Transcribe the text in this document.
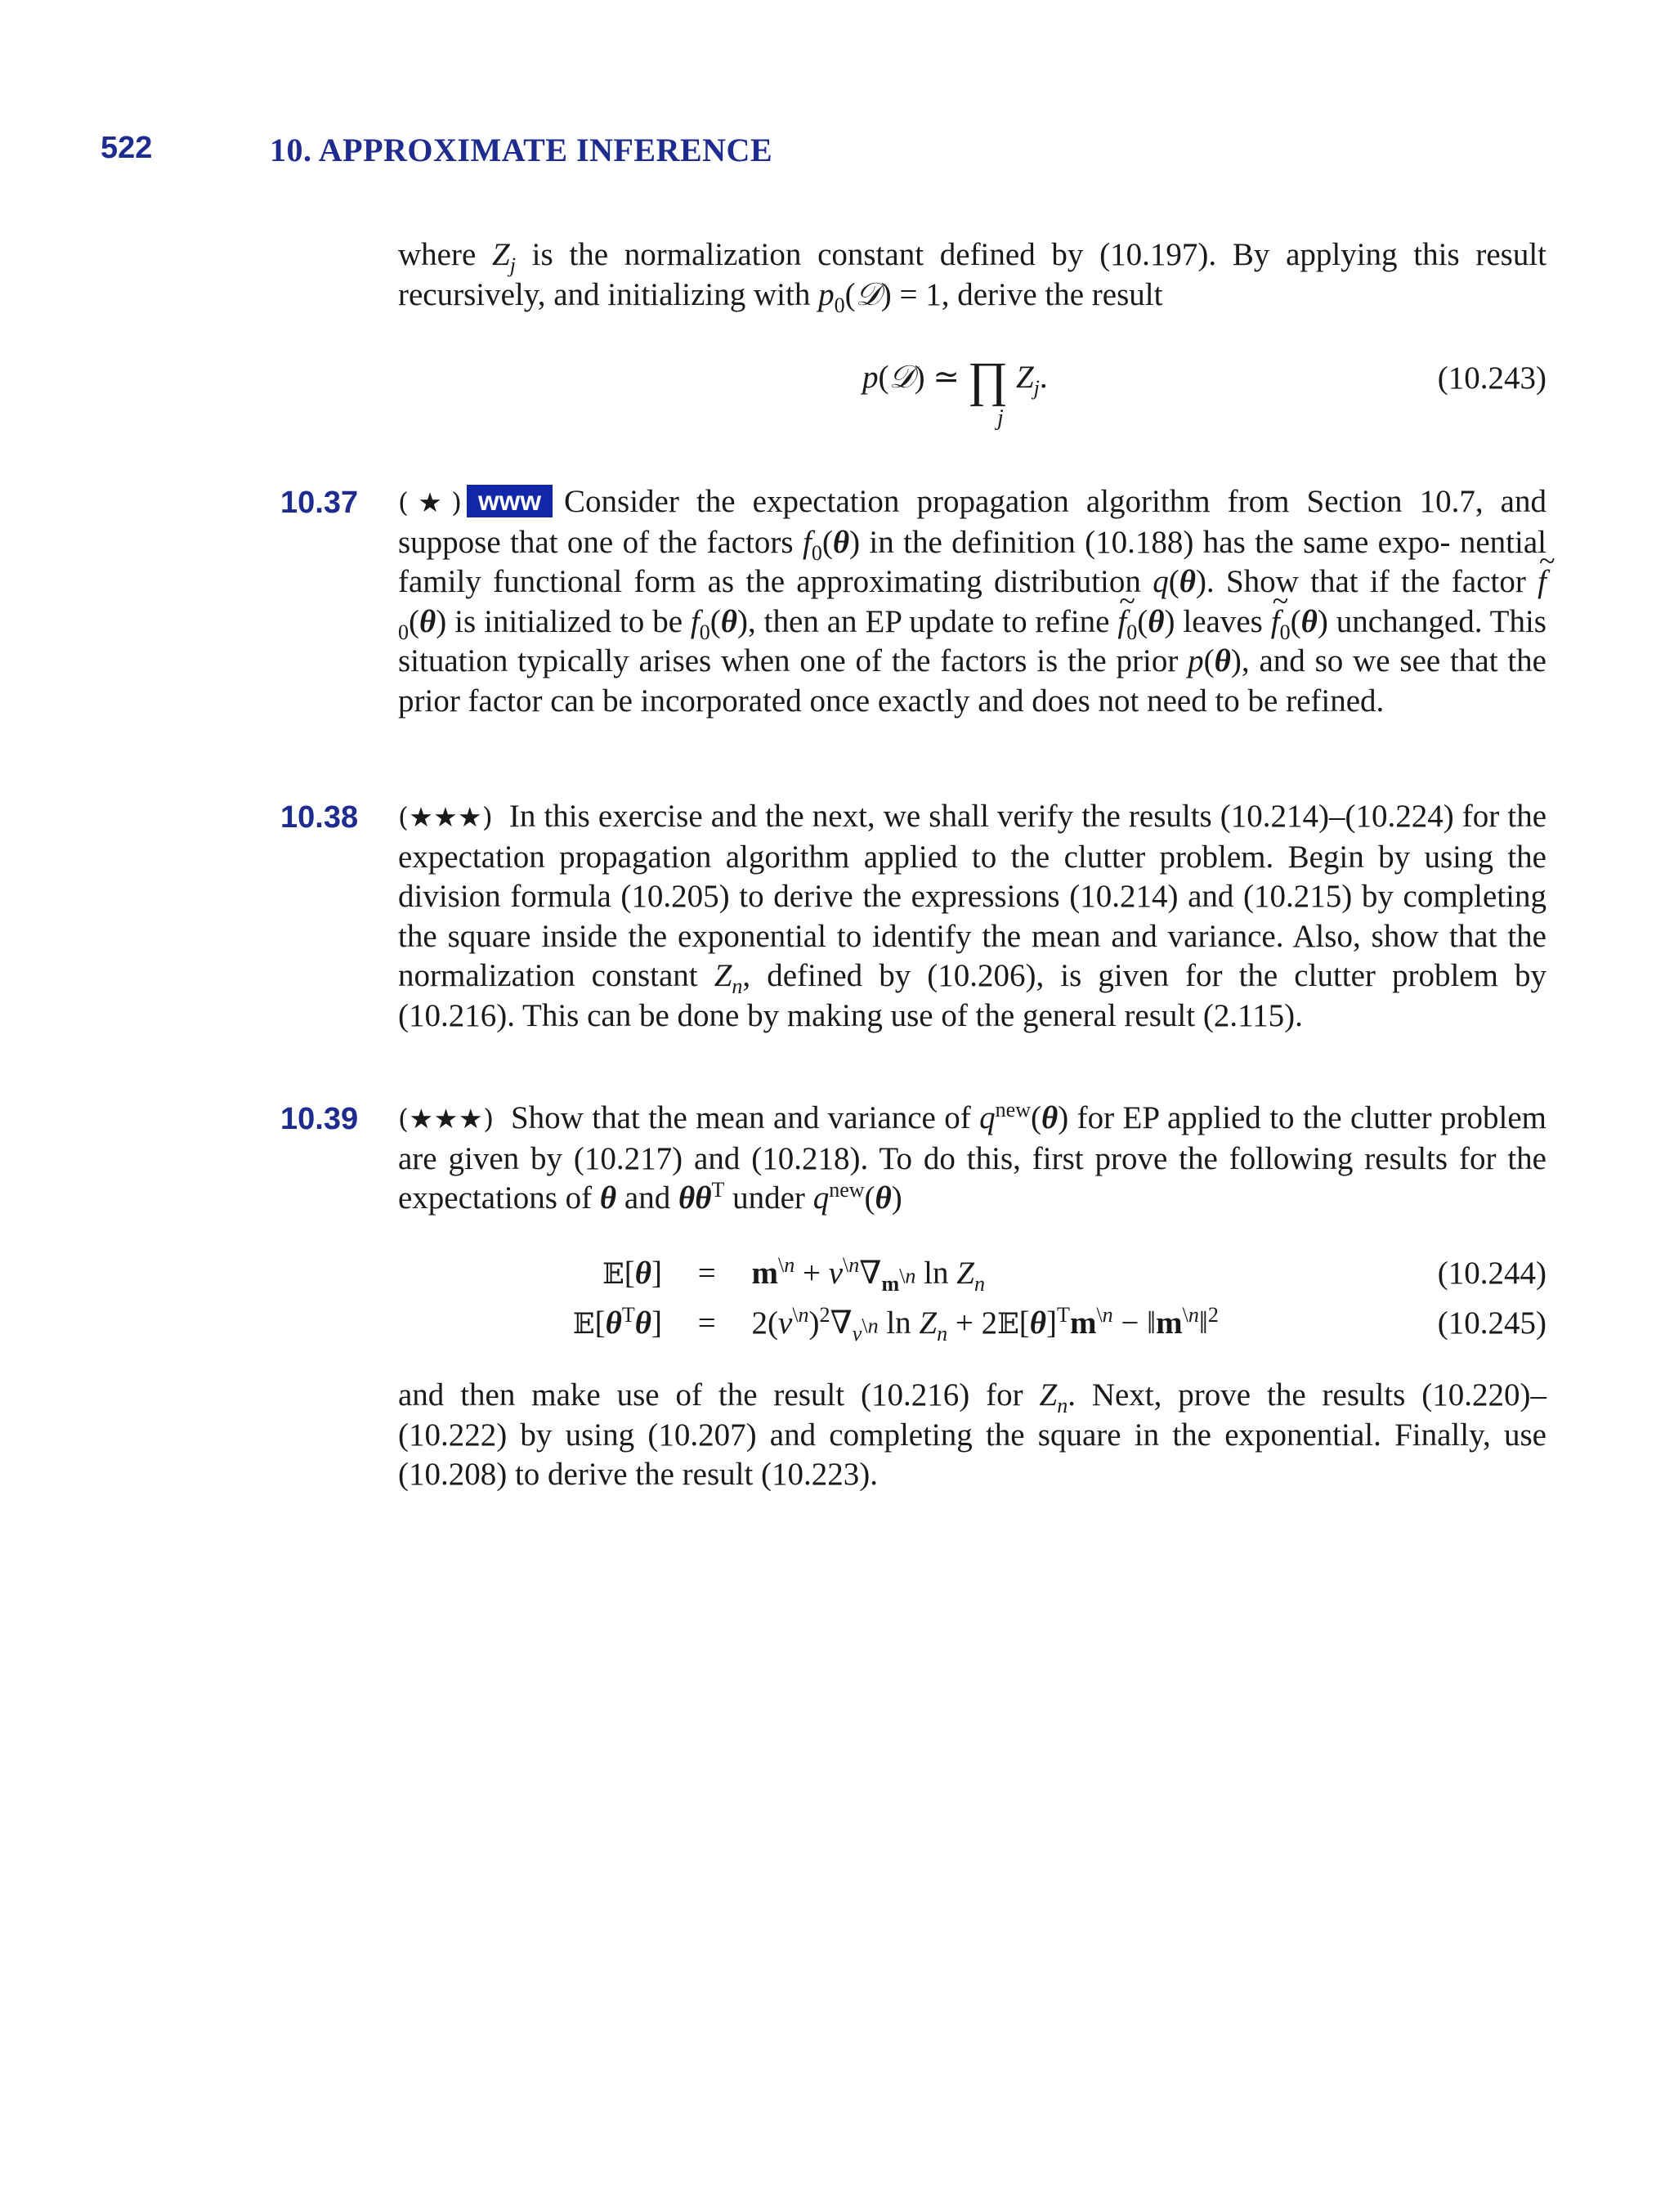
522	10. APPROXIMATE INFERENCE
where $Z_j$ is the normalization constant defined by (10.197). By applying this result recursively, and initializing with $p_0(𝒟) = 1$, derive the result
p(𝒟) ≃ ∏ $Z_j$.
j
(10.243)
10.37 (★) www Consider the expectation propagation algorithm from Section 10.7, and suppose that one of the factors $f_0(\theta)$ in the definition (10.188) has the same expo- nential family functional form as the approximating distribution q(θ). Show that if the factor ~ $f_0(\theta)$ is initialized to be $f_0(\theta)$, then an EP update to refine ~ $f_0(\theta)$ leaves ~ $f_0(\theta)$ unchanged. This situation typically arises when one of the factors is the prior p(θ), and so we see that the prior factor can be incorporated once exactly and does not need to be refined.
10.38 (★★★)  In this exercise and the next, we shall verify the results (10.214)–(10.224) for the expectation propagation algorithm applied to the clutter problem. Begin by using the division formula (10.205) to derive the expressions (10.214) and (10.215) by completing the square inside the exponential to identify the mean and variance. Also, show that the normalization constant $Z_n$, defined by (10.206), is given for the clutter problem by (10.216). This can be done by making use of the general result (2.115).
10.39 (★★★)  Show that the mean and variance of $q^{new}(\theta)$ for EP applied to the clutter problem are given by (10.217) and (10.218). To do this, first prove the following results for the expectations of θ and $\theta\theta^T$ under $q^{new}(\theta)$
𝔼[θ] = $m^{\backslash n} + v^{\backslash n}\nabla_{m^{\backslash n}}$ $\ln Z_n$	(10.244)
$𝔼[\theta^T\theta] = 2(v^{\backslash n})^2\nabla_{v^{\backslash n}}$ $\ln Z_n$ + $2𝔼[\theta]^Tm^{\backslash n}$ − $‖m^{\backslash n}‖^2$	(10.245)
and then make use of the result (10.216) for $Z_n$. Next, prove the results (10.220)– (10.222) by using (10.207) and completing the square in the exponential. Finally, use (10.208) to derive the result (10.223).
